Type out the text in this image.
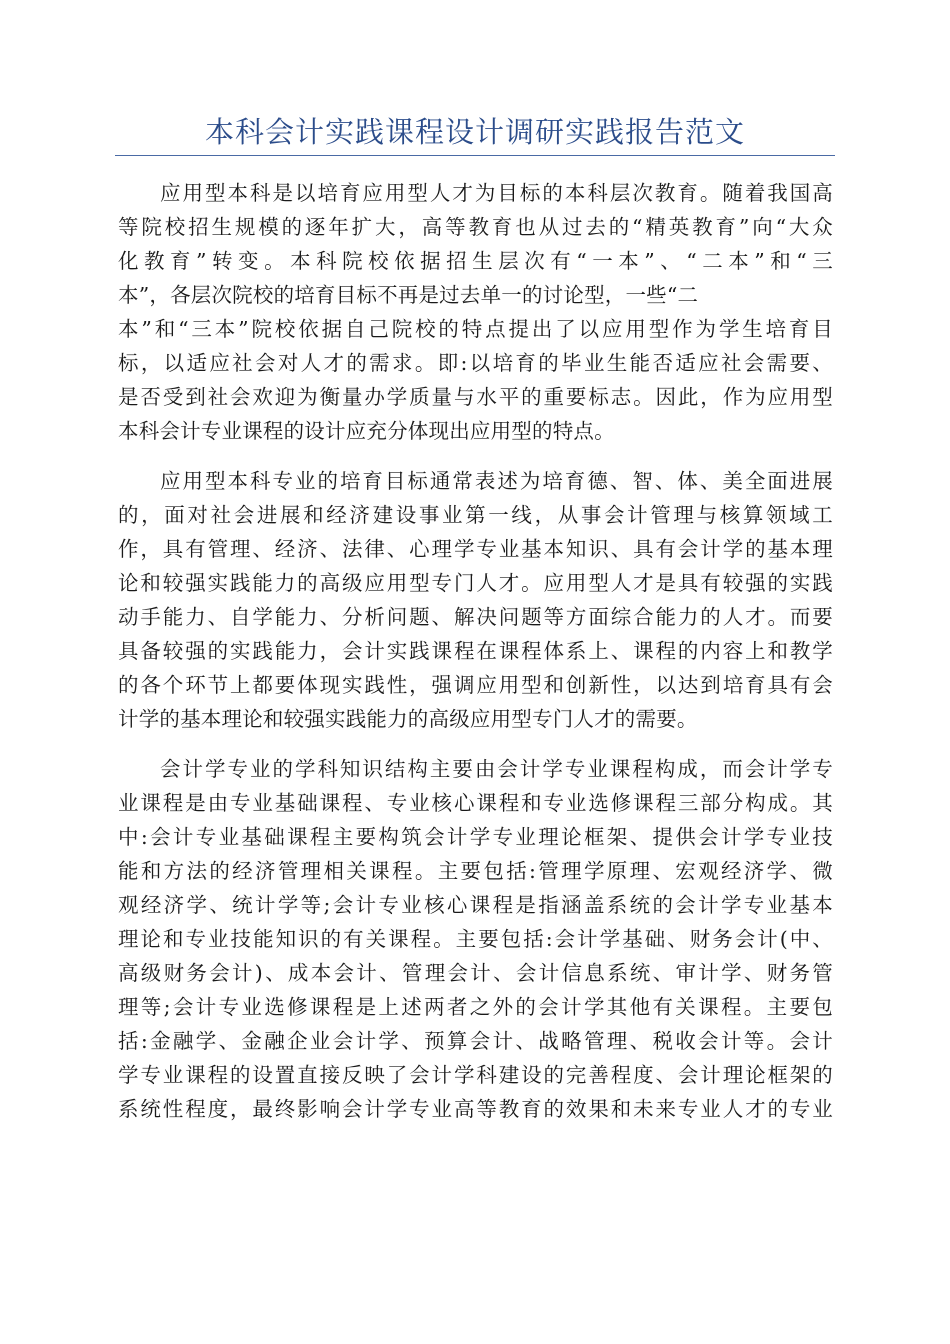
本科会计实践课程设计调研实践报告范文
应用型本科是以培育应用型人才为目标的本科层次教育。随着我国高
等院校招生规模的逐年扩大，高等教育也从过去的“精英教育”向“大众
化教育”转变。本科院校依据招生层次有“一本”、“二本”和“三
本”，各层次院校的培育目标不再是过去单一的讨论型，一些“二
本”和“三本”院校依据自己院校的特点提出了以应用型作为学生培育目
标，以适应社会对人才的需求。即:以培育的毕业生能否适应社会需要、
是否受到社会欢迎为衡量办学质量与水平的重要标志。因此，作为应用型
本科会计专业课程的设计应充分体现出应用型的特点。
应用型本科专业的培育目标通常表述为培育德、智、体、美全面进展
的，面对社会进展和经济建设事业第一线，从事会计管理与核算领域工
作，具有管理、经济、法律、心理学专业基本知识、具有会计学的基本理
论和较强实践能力的高级应用型专门人才。应用型人才是具有较强的实践
动手能力、自学能力、分析问题、解决问题等方面综合能力的人才。而要
具备较强的实践能力，会计实践课程在课程体系上、课程的内容上和教学
的各个环节上都要体现实践性，强调应用型和创新性，以达到培育具有会
计学的基本理论和较强实践能力的高级应用型专门人才的需要。
会计学专业的学科知识结构主要由会计学专业课程构成，而会计学专
业课程是由专业基础课程、专业核心课程和专业选修课程三部分构成。其
中:会计专业基础课程主要构筑会计学专业理论框架、提供会计学专业技
能和方法的经济管理相关课程。主要包括:管理学原理、宏观经济学、微
观经济学、统计学等;会计专业核心课程是指涵盖系统的会计学专业基本
理论和专业技能知识的有关课程。主要包括:会计学基础、财务会计(中、
高级财务会计)、成本会计、管理会计、会计信息系统、审计学、财务管
理等;会计专业选修课程是上述两者之外的会计学其他有关课程。主要包
括:金融学、金融企业会计学、预算会计、战略管理、税收会计等。会计
学专业课程的设置直接反映了会计学科建设的完善程度、会计理论框架的
系统性程度，最终影响会计学专业高等教育的效果和未来专业人才的专业
